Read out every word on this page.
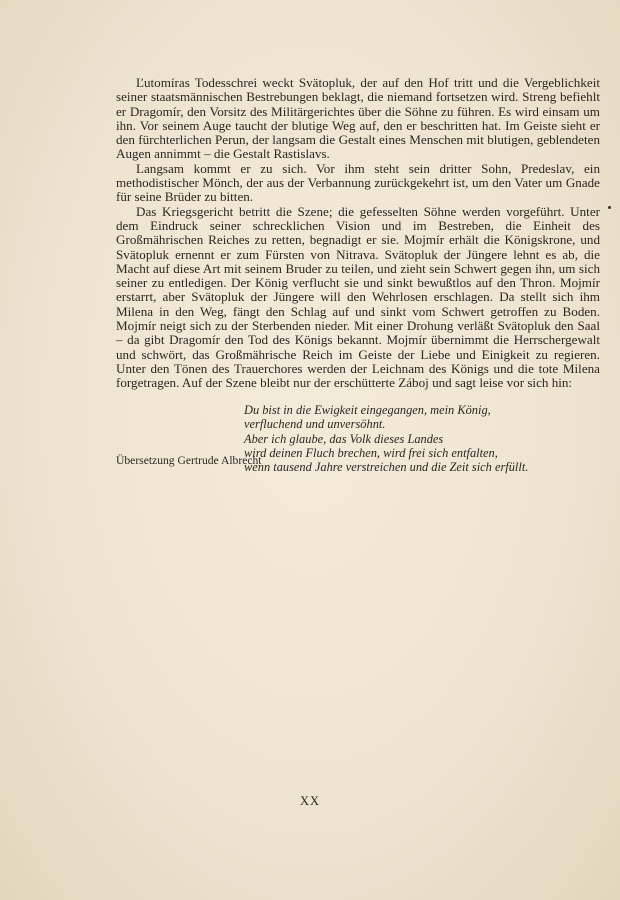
Ľutomíras Todesschrei weckt Svätopluk, der auf den Hof tritt und die Vergeblichkeit seiner staatsmännischen Bestrebungen beklagt, die niemand fortsetzen wird. Streng befiehlt er Dragomír, den Vorsitz des Militärgerichtes über die Söhne zu führen. Es wird einsam um ihn. Vor seinem Auge taucht der blutige Weg auf, den er beschritten hat. Im Geiste sieht er den fürchterlichen Perun, der langsam die Gestalt eines Menschen mit blutigen, geblendeten Augen annimmt – die Gestalt Rastislavs.

Langsam kommt er zu sich. Vor ihm steht sein dritter Sohn, Predeslav, ein methodistischer Mönch, der aus der Verbannung zurückgekehrt ist, um den Vater um Gnade für seine Brüder zu bitten.

Das Kriegsgericht betritt die Szene; die gefesselten Söhne werden vorgeführt. Unter dem Eindruck seiner schrecklichen Vision und im Bestreben, die Einheit des Großmährischen Reiches zu retten, begnadigt er sie. Mojmír erhält die Königskrone, und Svätopluk ernennt er zum Fürsten von Nitrava. Svätopluk der Jüngere lehnt es ab, die Macht auf diese Art mit seinem Bruder zu teilen, und zieht sein Schwert gegen ihn, um sich seiner zu entledigen. Der König verflucht sie und sinkt bewußtlos auf den Thron. Mojmír erstarrt, aber Svätopluk der Jüngere will den Wehrlosen erschlagen. Da stellt sich ihm Milena in den Weg, fängt den Schlag auf und sinkt vom Schwert getroffen zu Boden. Mojmír neigt sich zu der Sterbenden nieder. Mit einer Drohung verläßt Svätopluk den Saal – da gibt Dragomír den Tod des Königs bekannt. Mojmír übernimmt die Herrschergewalt und schwört, das Großmährische Reich im Geiste der Liebe und Einigkeit zu regieren. Unter den Tönen des Trauerchores werden der Leichnam des Königs und die tote Milena forgetragen. Auf der Szene bleibt nur der erschütterte Zábој und sagt leise vor sich hin:

Du bist in die Ewigkeit eingegangen, mein König,
verfluchend und unversöhnt.
Aber ich glaube, das Volk dieses Landes
wird deinen Fluch brechen, wird frei sich entfalten,
wenn tausend Jahre verstreichen und die Zeit sich erfüllt.
Übersetzung Gertrude Albrecht
XX
